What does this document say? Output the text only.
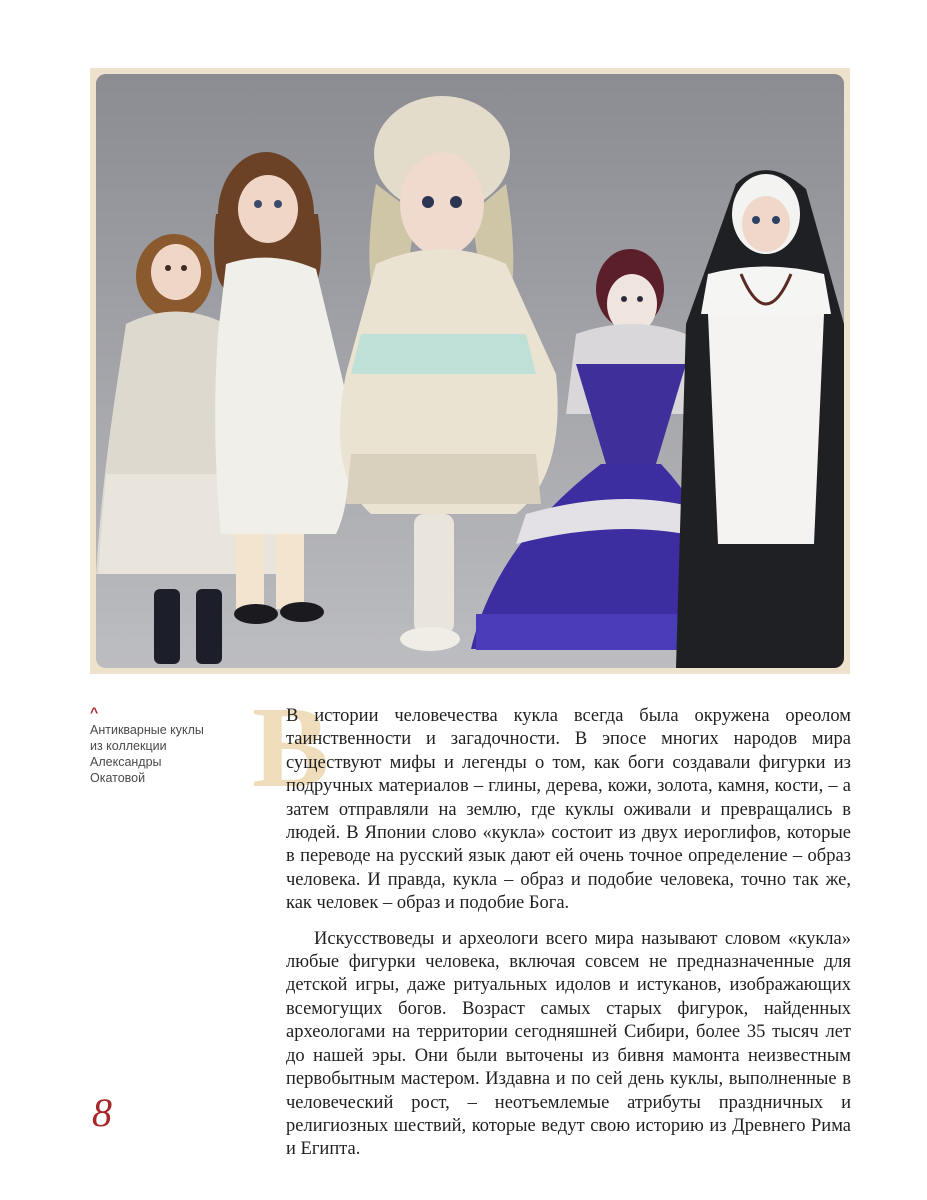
^
Антикварные куклы
из коллекции
Александры
Окатовой В

В истории человечества кукла всегда была окружена ореолом таинственности и загадочности. В эпосе многих народов мира существуют мифы и легенды о том, как боги создавали фигурки из подручных материалов – глины, дерева, кожи, золота, камня, кости, – а затем отправляли на землю, где куклы оживали и превращались в людей. В Японии слово «кукла» состоит из двух иероглифов, которые в переводе на русский язык дают ей очень точное определение – образ человека. И правда, кукла – образ и подобие человека, точно так же, как человек – образ и подобие Бога.

Искусствоведы и археологи всего мира называют словом «кукла» любые фигурки человека, включая совсем не предназначенные для детской игры, даже ритуальных идолов и истуканов, изображающих всемогущих богов. Возраст самых старых фигурок, найденных археологами на территории сегодняшней Сибири, более 35 тысяч лет до нашей эры. Они были выточены из бивня мамонта неизвестным первобытным мастером. Издавна и по сей день куклы, выполненные в человеческий рост, – неотъемлемые атрибуты праздничных и религиозных шествий, которые ведут свою историю из Древнего Рима и Египта.

8
